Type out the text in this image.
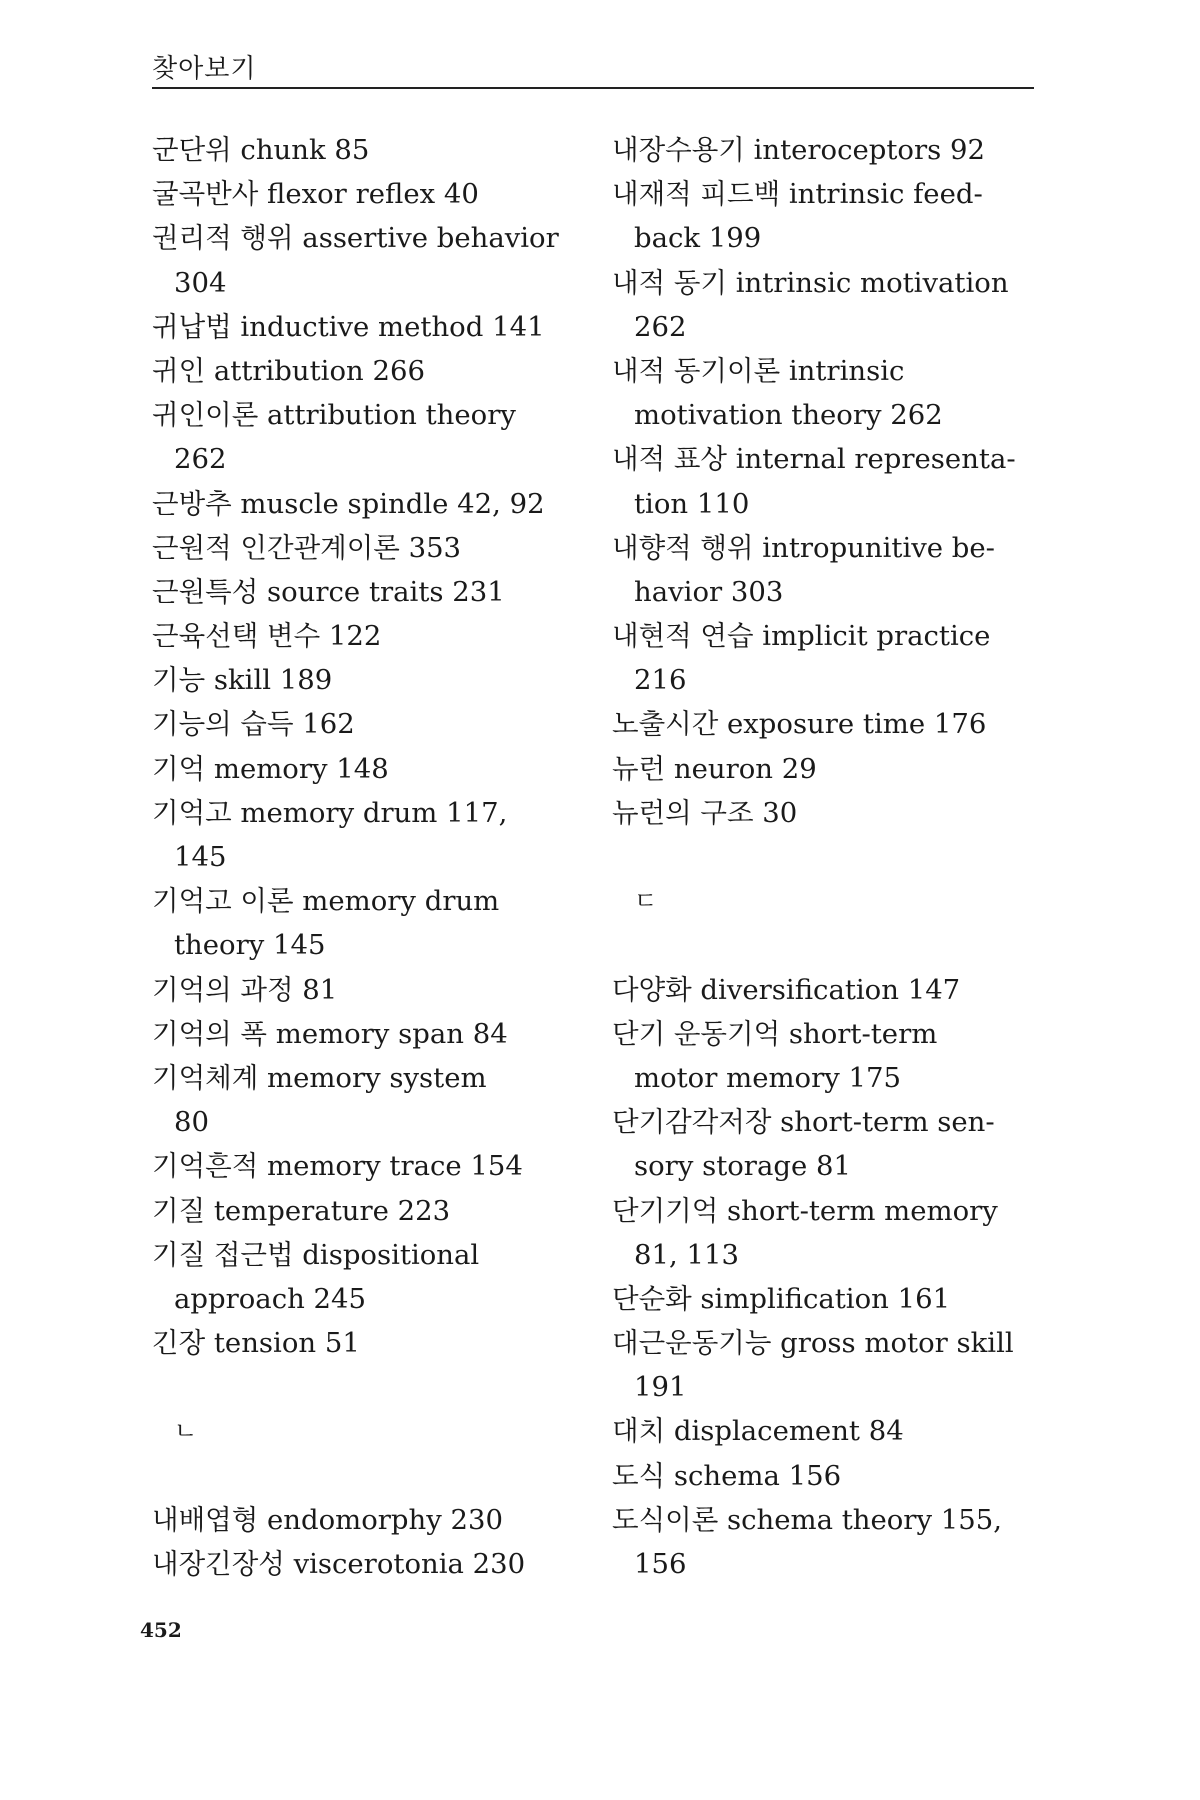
찾아보기
군단위 chunk 85
굴곡반사 flexor reflex 40
권리적 행위 assertive behavior
304
귀납법 inductive method 141
귀인 attribution 266
귀인이론 attribution theory
262
근방추 muscle spindle 42, 92
근원적 인간관계이론 353
근원특성 source traits 231
근육선택 변수 122
기능 skill 189
기능의 습득 162
기억 memory 148
기억고 memory drum 117,
145
기억고 이론 memory drum
theory 145
기억의 과정 81
기억의 폭 memory span 84
기억체계 memory system
80
기억흔적 memory trace 154
기질 temperature 223
기질 접근법 dispositional
approach 245
긴장 tension 51
ㄴ
내배엽형 endomorphy 230
내장긴장성 viscerotonia 230
내장수용기 interoceptors 92
내재적 피드백 intrinsic feed-
back 199
내적 동기 intrinsic motivation
262
내적 동기이론 intrinsic
motivation theory 262
내적 표상 internal representa-
tion 110
내향적 행위 intropunitive be-
havior 303
내현적 연습 implicit practice
216
노출시간 exposure time 176
뉴런 neuron 29
뉴런의 구조 30
ㄷ
다양화 diversification 147
단기 운동기억 short-term
motor memory 175
단기감각저장 short-term sen-
sory storage 81
단기기억 short-term memory
81, 113
단순화 simplification 161
대근운동기능 gross motor skill
191
대치 displacement 84
도식 schema 156
도식이론 schema theory 155,
156
452
